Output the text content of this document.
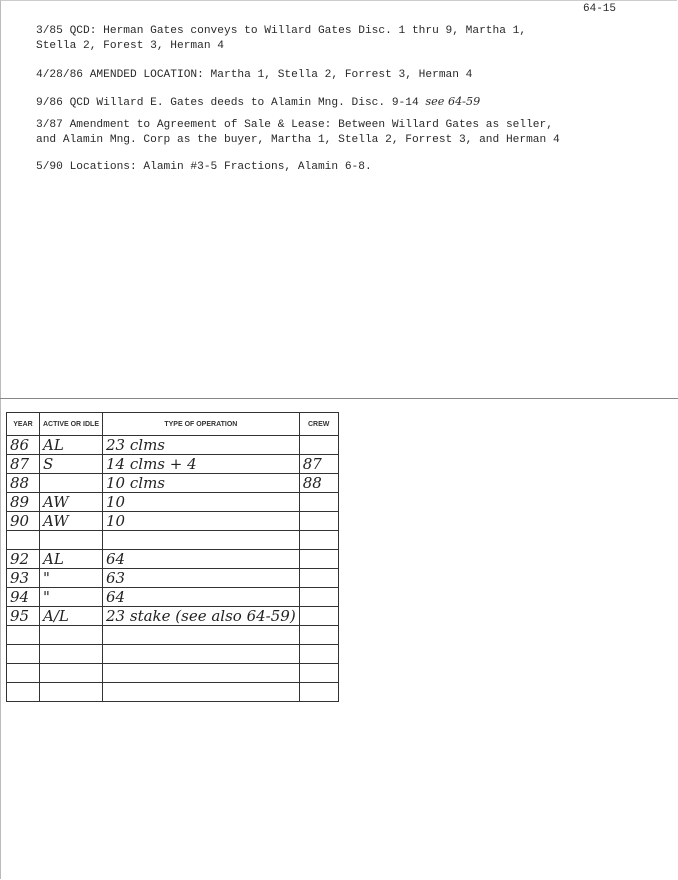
64-15
3/85 QCD: Herman Gates conveys to Willard Gates Disc. 1 thru 9, Martha 1,
Stella 2, Forest 3, Herman 4
4/28/86 AMENDED LOCATION: Martha 1, Stella 2, Forrest 3, Herman 4
9/86 QCD Willard E. Gates deeds to Alamin Mng. Disc. 9-14 see 64-59
3/87 Amendment to Agreement of Sale & Lease: Between Willard Gates as seller,
and Alamin Mng. Corp as the buyer, Martha 1, Stella 2, Forrest 3, and Herman 4
5/90 Locations: Alamin #3-5 Fractions, Alamin 6-8.
YEAR	ACTIVE OR IDLE	TYPE OF OPERATION	CREW
86	AL	23 clms	
87	S	14 clms + 4	87
88		10 clms	88
89	AW	10	
90	AW	10	

92	AL	64	
93	"	63	
94	"	64	
95	A/L	23 stake (see also 64-59)	
